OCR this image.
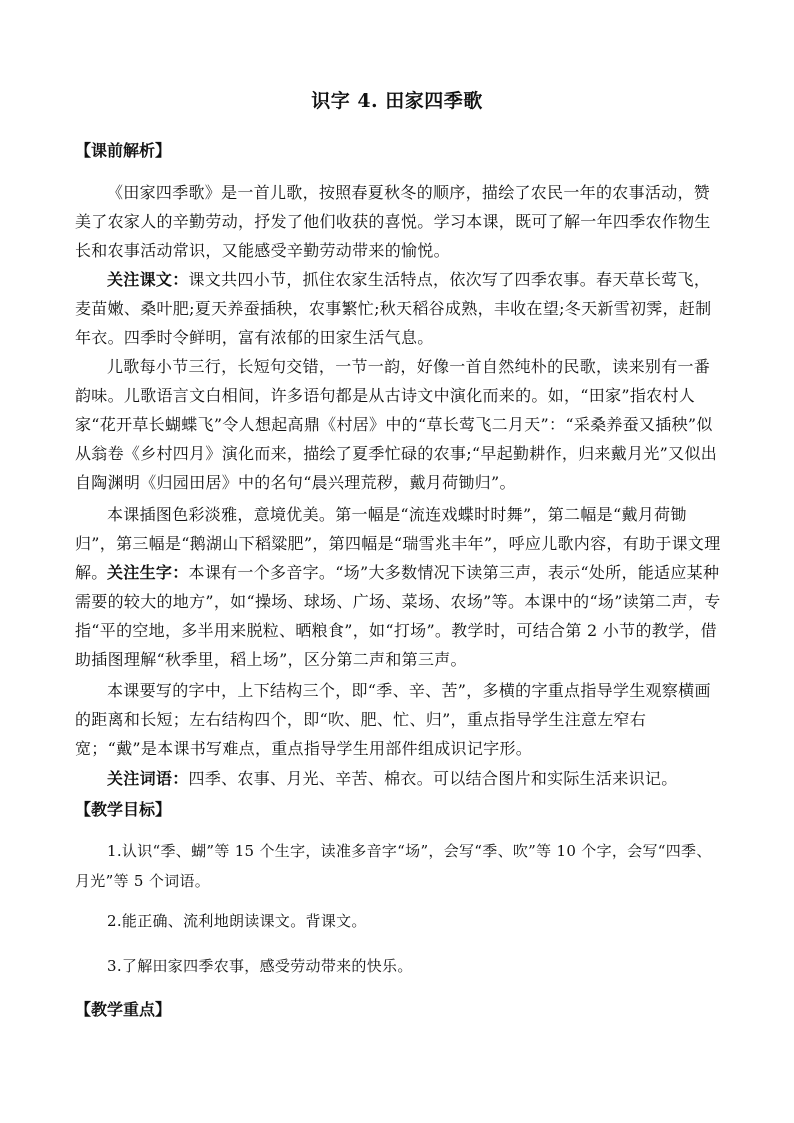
识字 4. 田家四季歌
【课前解析】

《田家四季歌》是一首儿歌，按照春夏秋冬的顺序，描绘了农民一年的农事活动，赞美了农家人的辛勤劳动，抒发了他们收获的喜悦。学习本课，既可了解一年四季农作物生长和农事活动常识，又能感受辛勤劳动带来的愉悦。

关注课文：课文共四小节，抓住农家生活特点，依次写了四季农事。春天草长莺飞，麦苗嫩、桑叶肥;夏天养蚕插秧，农事繁忙;秋天稻谷成熟，丰收在望;冬天新雪初霁，赶制年衣。四季时令鲜明，富有浓郁的田家生活气息。

儿歌每小节三行，长短句交错，一节一韵，好像一首自然纯朴的民歌，读来别有一番韵味。儿歌语言文白相间，许多语句都是从古诗文中演化而来的。如，“田家”指农村人家“花开草长蝴蝶飞”令人想起高鼎《村居》中的“草长莺飞二月天”：“采桑养蚕又插秧”似从翁卷《乡村四月》演化而来，描绘了夏季忙碌的农事;“早起勤耕作，归来戴月光”又似出自陶渊明《归园田居》中的名句“晨兴理荒秽，戴月荷锄归”。

本课插图色彩淡雅，意境优美。第一幅是“流连戏蝶时时舞”，第二幅是“戴月荷锄归”，第三幅是“鹅湖山下稻粱肥”，第四幅是“瑞雪兆丰年”，呼应儿歌内容，有助于课文理解。 关注生字：本课有一个多音字。“场”大多数情况下读第三声，表示“处所，能适应某种需要的较大的地方”，如“操场、球场、广场、菜场、农场”等。本课中的“场”读第二声，专指“平的空地，多半用来脱粒、晒粮食”，如“打场”。教学时，可结合第 2 小节的教学，借助插图理解“秋季里，稻上场”，区分第二声和第三声。

本课要写的字中，上下结构三个，即“季、辛、苦”，多横的字重点指导学生观察横画的距离和长短；左右结构四个，即“吹、肥、忙、归”，重点指导学生注意左窄右宽；“戴”是本课书写难点，重点指导学生用部件组成识记字形。

关注词语：四季、农事、月光、辛苦、棉衣。可以结合图片和实际生活来识记。

【教学目标】

1.认识“季、蝴”等 15 个生字，读准多音字“场”，会写“季、吹”等 10 个字，会写“四季、月光”等 5 个词语。

2.能正确、流利地朗读课文。背课文。

3.了解田家四季农事，感受劳动带来的快乐。

【教学重点】
